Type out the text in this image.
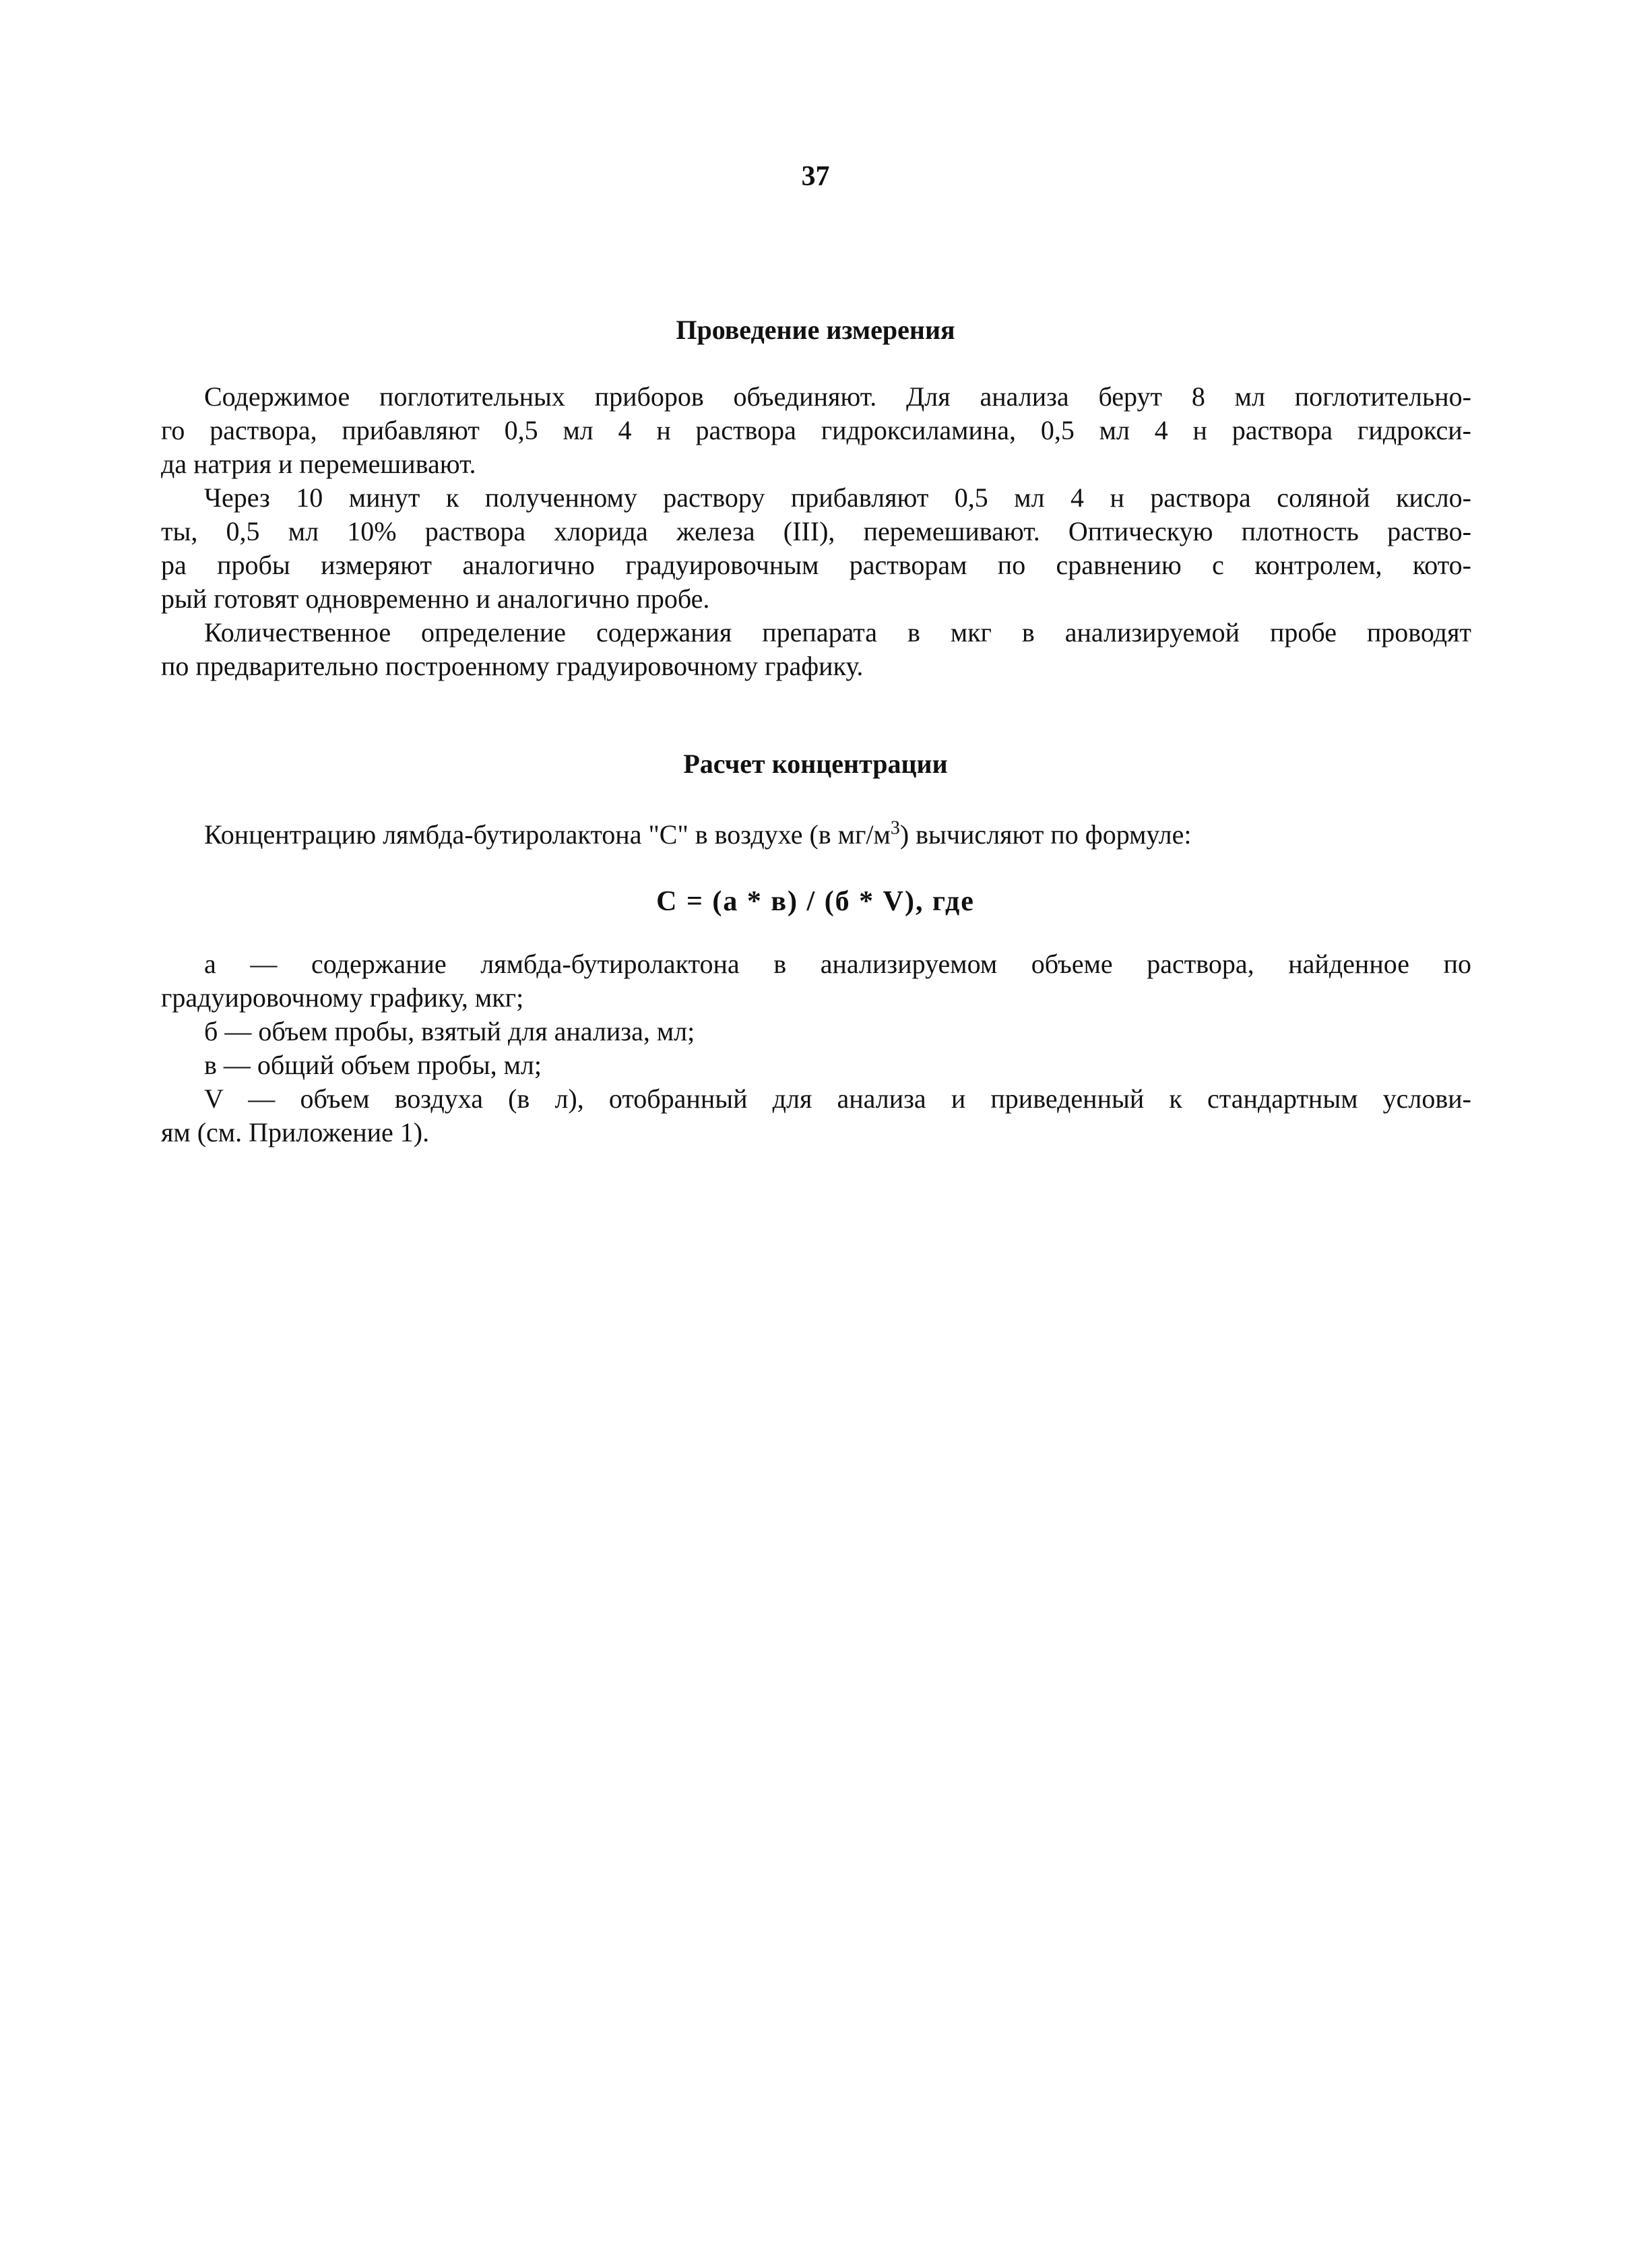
37
Проведение измерения
Содержимое поглотительных приборов объединяют. Для анализа берут 8 мл поглотительно-
го раствора, прибавляют 0,5 мл 4 н раствора гидроксиламина, 0,5 мл 4 н раствора гидрокси-
да натрия и перемешивают.
Через 10 минут к полученному раствору прибавляют 0,5 мл 4 н раствора соляной кисло-
ты, 0,5 мл 10% раствора хлорида железа (III), перемешивают. Оптическую плотность раство-
ра пробы измеряют аналогично градуировочным растворам по сравнению с контролем, кото-
рый готовят одновременно и аналогично пробе.
Количественное определение содержания препарата в мкг в анализируемой пробе проводят
по предварительно построенному градуировочному графику.
Расчет концентрации
Концентрацию лямбда-бутиролактона "С" в воздухе (в $мг/м^3$) вычисляют по формуле:
С = (а * в) / (б * V), где
а — содержание лямбда-бутиролактона в анализируемом объеме раствора, найденное по
градуировочному графику, мкг;
б — объем пробы, взятый для анализа, мл;
в — общий объем пробы, мл;
V — объем воздуха (в л), отобранный для анализа и приведенный к стандартным услови-
ям (см. Приложение 1).
